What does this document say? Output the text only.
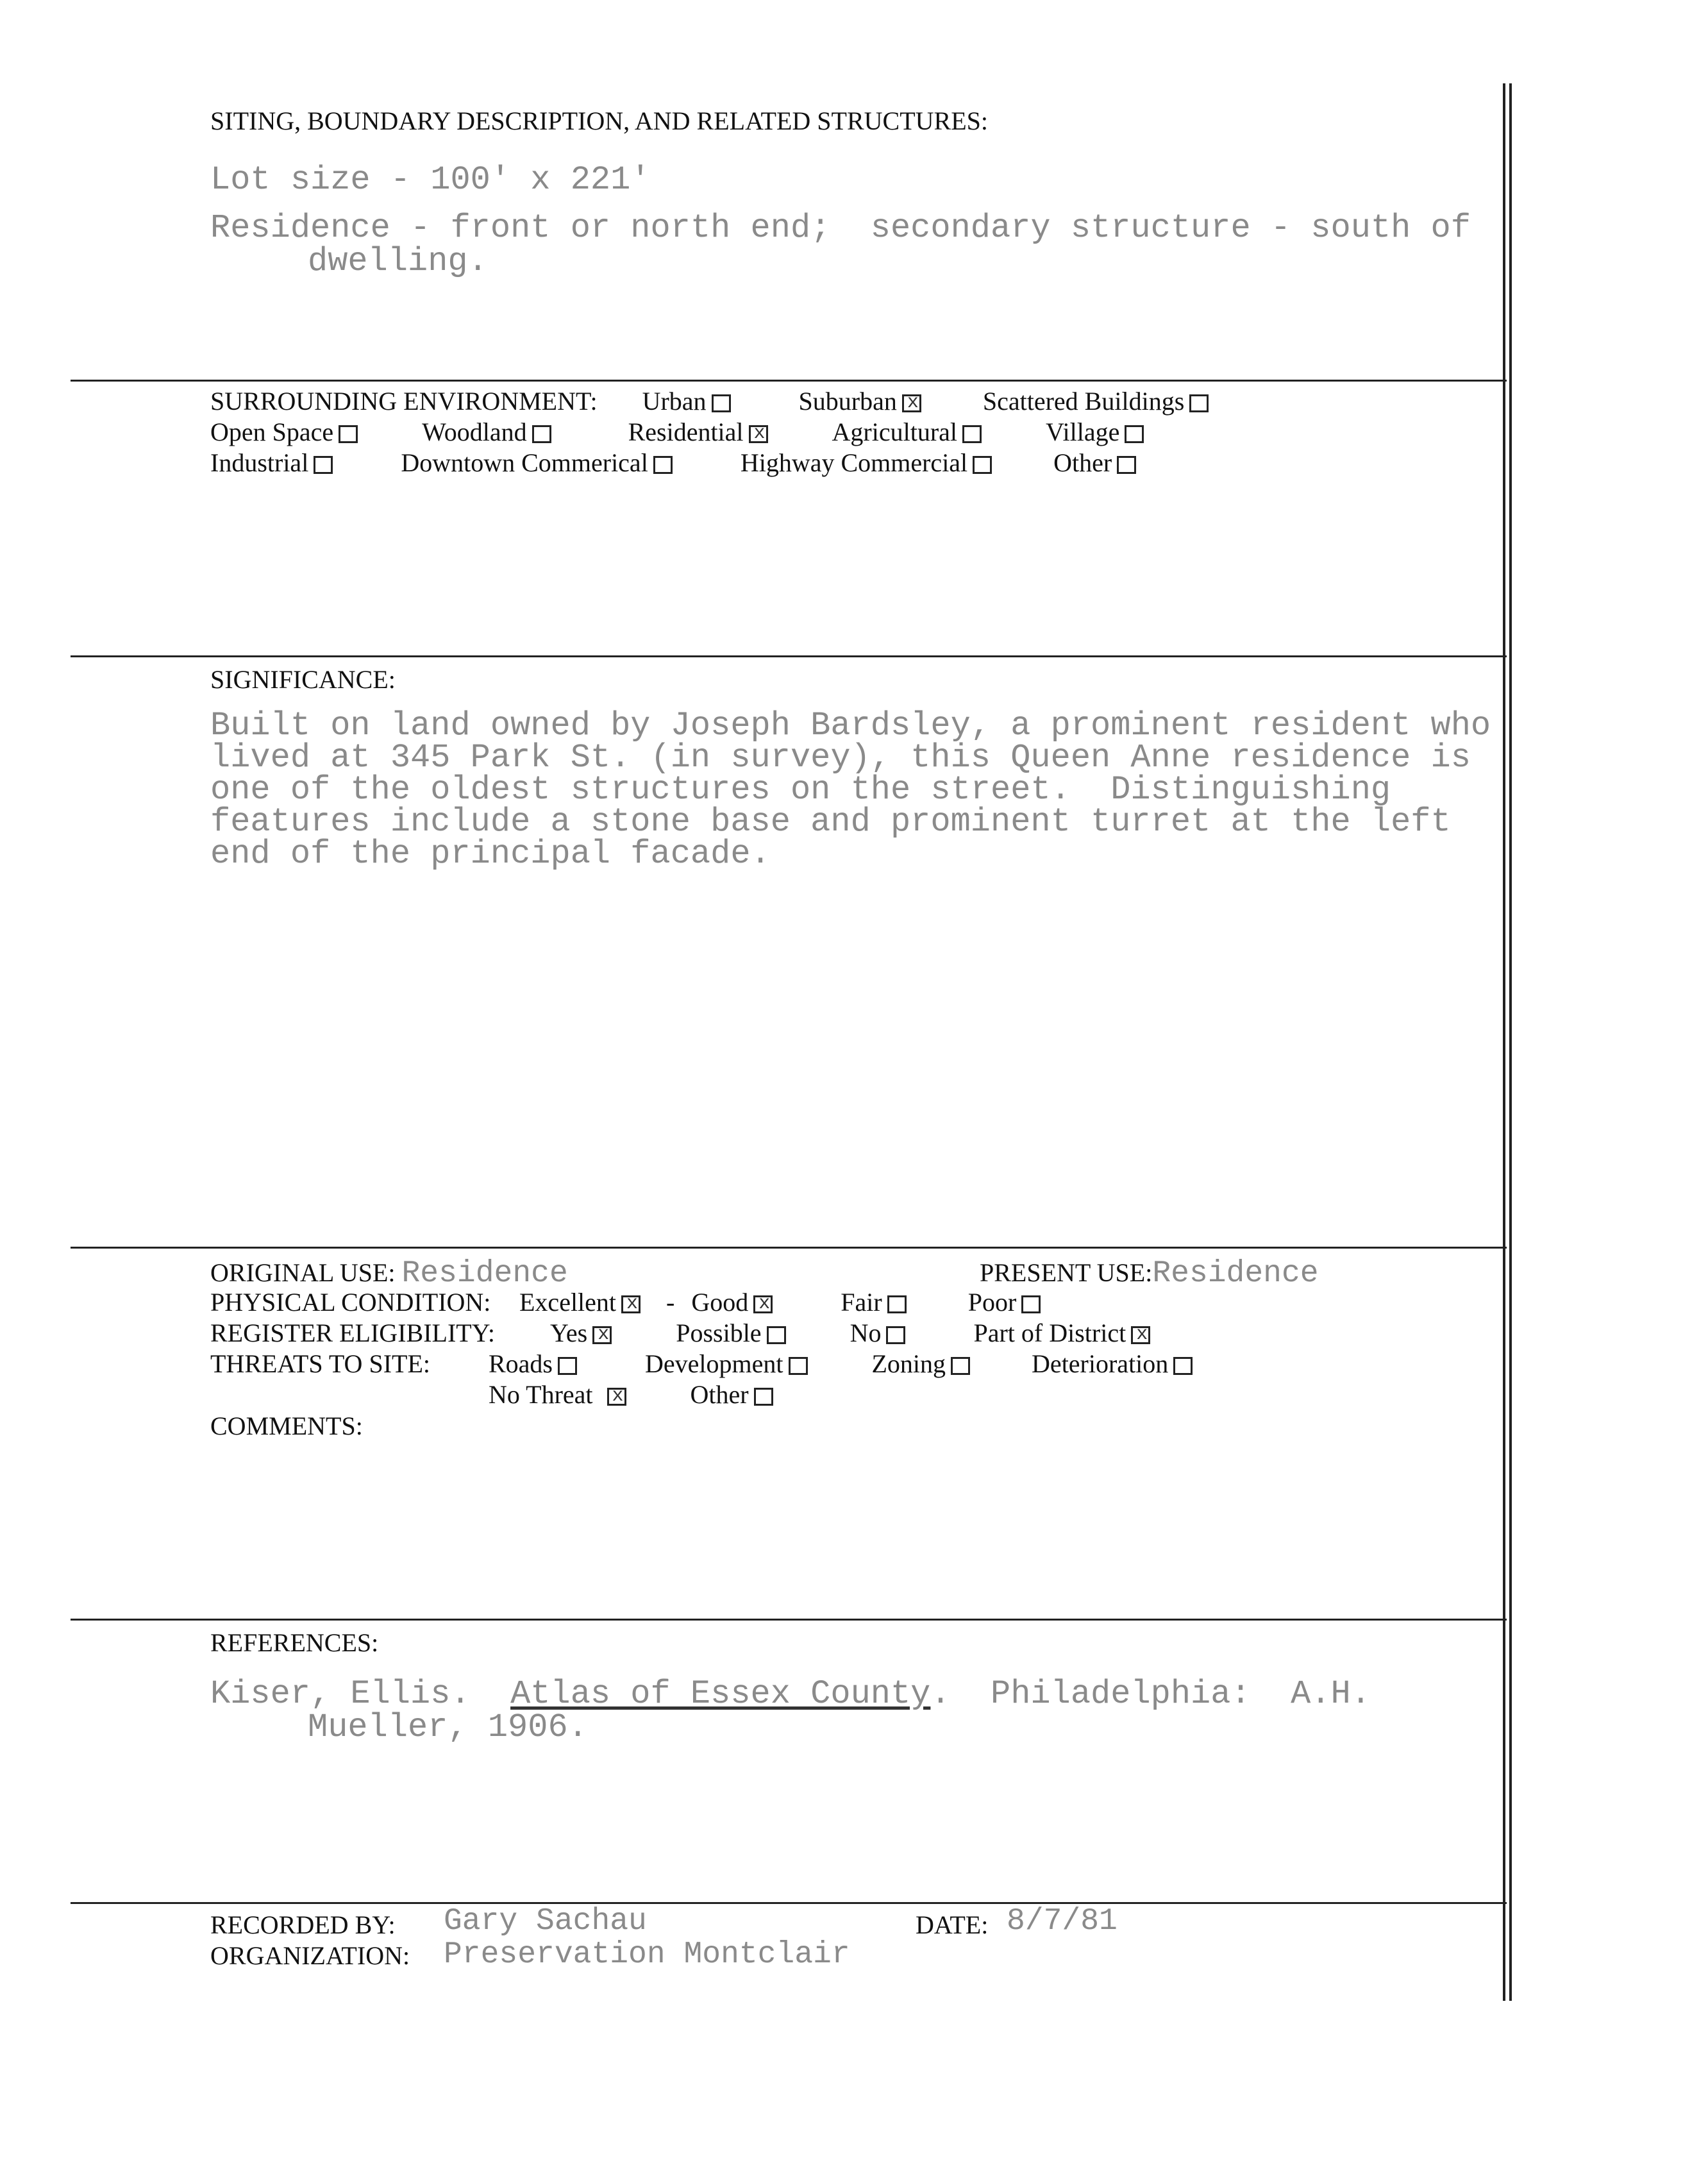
SITING, BOUNDARY DESCRIPTION, AND RELATED STRUCTURES:
Lot size - 100' x 221'
Residence - front or north end;  secondary structure - south of
dwelling.
SURROUNDING ENVIRONMENT: Urban	Suburban x	Scattered Buildings
Open Space	Woodland	Residential x	Agricultural	Village
Industrial	Downtown Commerical	Highway Commercial	Other
SIGNIFICANCE:
Built on land owned by Joseph Bardsley, a prominent resident who
lived at 345 Park St. (in survey), this Queen Anne residence is
one of the oldest structures on the street.  Distinguishing
features include a stone base and prominent turret at the left
end of the principal facade.
ORIGINAL USE: Residence	PRESENT USE:Residence
PHYSICAL CONDITION: Excellent x - Good x	Fair	Poor
REGISTER ELIGIBILITY: Yes x	Possible	No	Part of Districtx
THREATS TO SITE: Roads	Development	Zoning	Deterioration
No Threat x	Other
COMMENTS:
REFERENCES:
Kiser, Ellis.  Atlas of Essex County.  Philadelphia:  A.H.
Mueller, 1906.
RECORDED BY: Gary Sachau	DATE: 8/7/81
ORGANIZATION: Preservation Montclair
